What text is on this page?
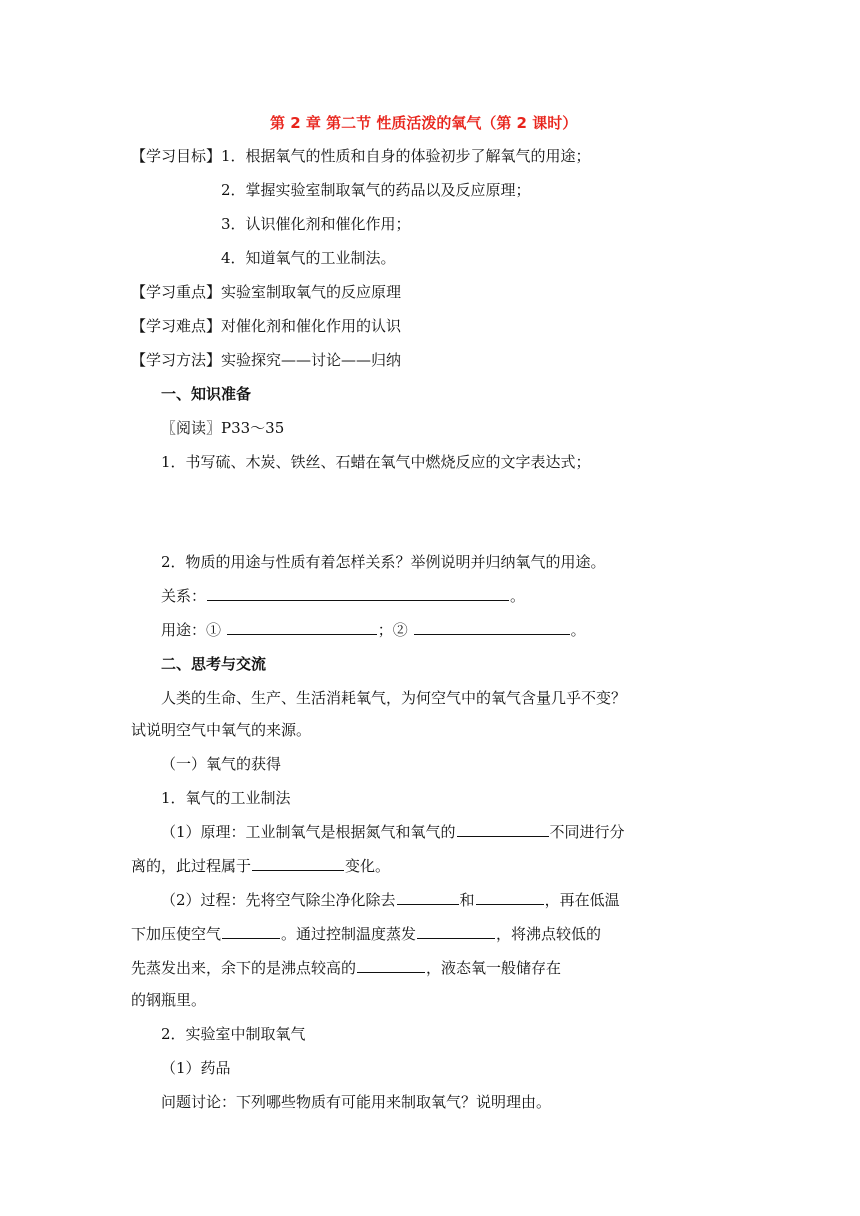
第 2 章 第二节 性质活泼的氧气（第 2 课时）
【学习目标】1．根据氧气的性质和自身的体验初步了解氧气的用途；
2．掌握实验室制取氧气的药品以及反应原理；
3．认识催化剂和催化作用；
4．知道氧气的工业制法。
【学习重点】实验室制取氧气的反应原理
【学习难点】对催化剂和催化作用的认识
【学习方法】实验探究——讨论——归纳
一、知识准备
〖阅读〗P33～35
1．书写硫、木炭、铁丝、石蜡在氧气中燃烧反应的文字表达式；
2．物质的用途与性质有着怎样关系？举例说明并归纳氧气的用途。
关系：	。
用途：①	；②	。
二、思考与交流
人类的生命、生产、生活消耗氧气，为何空气中的氧气含量几乎不变？
试说明空气中氧气的来源。
（一）氧气的获得
1．氧气的工业制法
（1）原理：工业制氧气是根据氮气和氧气的	不同进行分
离的，此过程属于	变化。
（2）过程：先将空气除尘净化除去	和	，再在低温
下加压使空气	。通过控制温度蒸发	，将沸点较低的
先蒸发出来，余下的是沸点较高的	，液态氧一般储存在
的钢瓶里。
2．实验室中制取氧气
（1）药品
问题讨论：下列哪些物质有可能用来制取氧气？说明理由。
